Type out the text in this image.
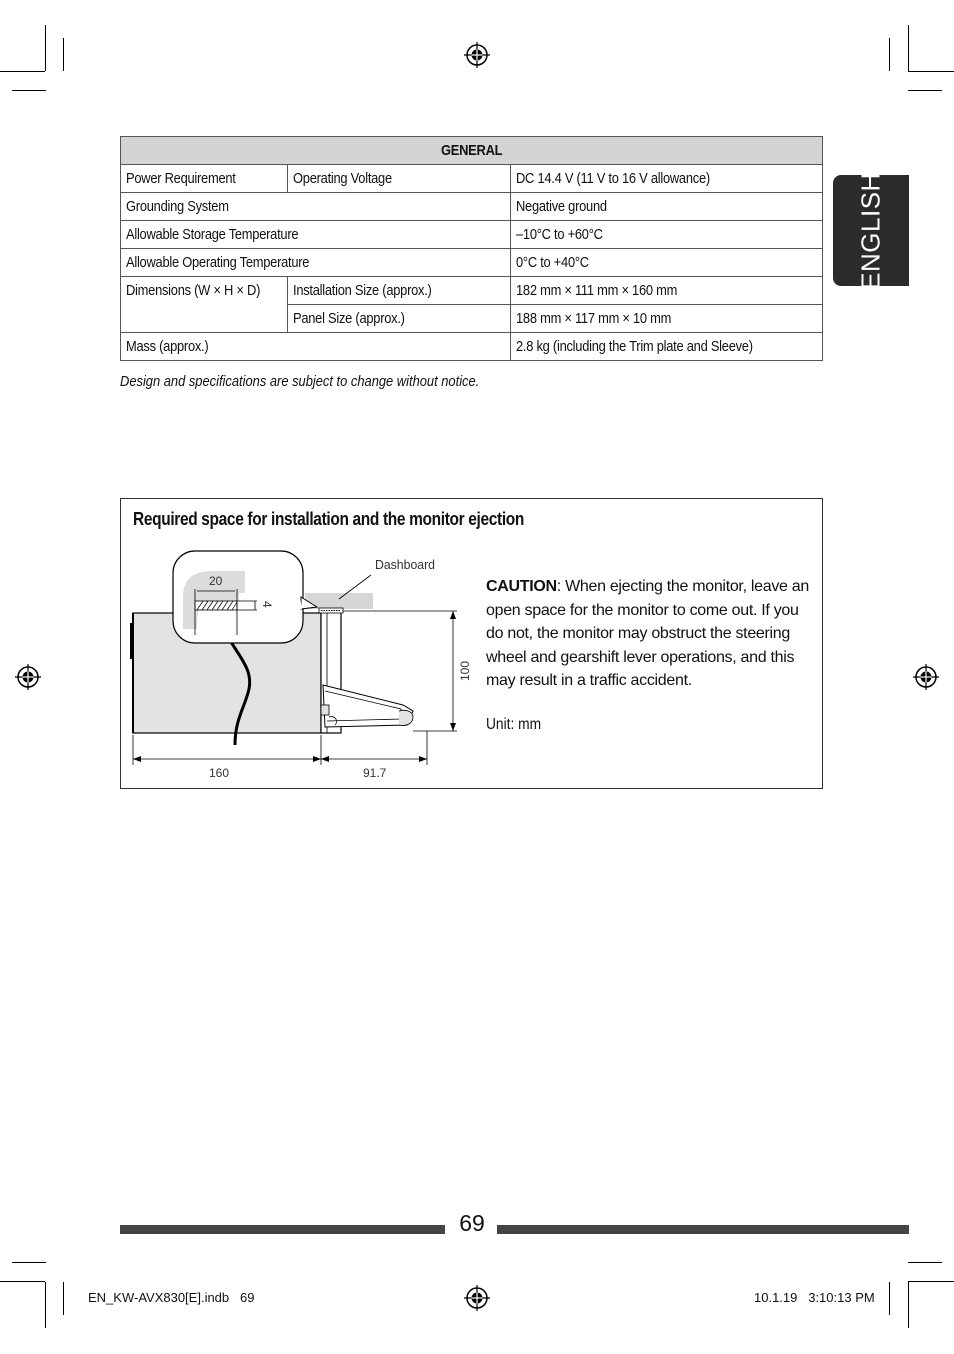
ENGLISH
GENERAL		
Power Requirement	Operating Voltage	DC 14.4 V (11 V to 16 V allowance)
Grounding System		Negative ground
Allowable Storage Temperature		–10°C to +60°C
Allowable Operating Temperature		0°C to +40°C
Dimensions (W × H × D)	Installation Size (approx.)	182 mm × 111 mm × 160 mm
	Panel Size (approx.)	188 mm × 117 mm × 10 mm
Mass (approx.)		2.8 kg (including the Trim plate and Sleeve)
Design and specifications are subject to change without notice.
Required space for installation and the monitor ejection
20
4
Dashboard
100
160	91.7
CAUTION: When ejecting the monitor, leave an open space for the monitor to come out. If you do not, the monitor may obstruct the steering wheel and gearshift lever operations, and this may result in a traffic accident.
Unit: mm
69
EN_KW-AVX830[E].indb   69	10.1.19   3:10:13 PM
